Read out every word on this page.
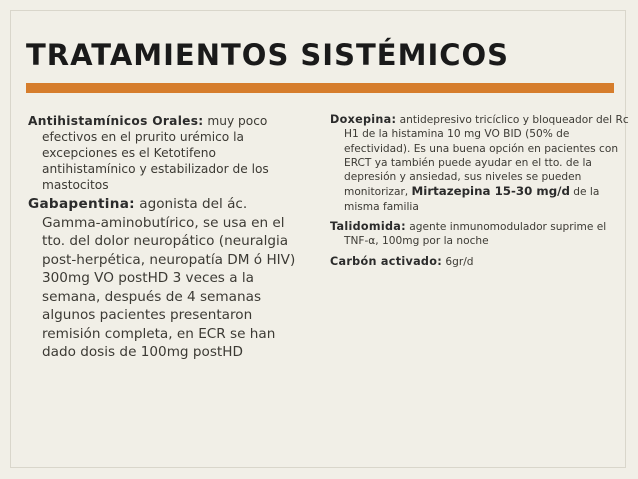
TRATAMIENTOS SISTÉMICOS

Antihistamínicos Orales: muy poco efectivos en el prurito urémico la excepciones es el Ketotifeno antihistamínico y estabilizador de los mastocitos

Gabapentina: agonista del ác. Gamma-aminobutírico, se usa en el tto. del dolor neuropático (neuralgia post-herpética, neuropatía DM ó HIV) 300mg VO postHD 3 veces a la semana, después de 4 semanas algunos pacientes presentaron remisión completa, en ECR se han dado dosis de 100mg postHD

Doxepina: antidepresivo tricíclico y bloqueador del Rc H1 de la histamina 10 mg VO BID (50% de efectividad). Es una buena opción en pacientes con ERCT ya también puede ayudar en el tto. de la depresión y ansiedad, sus niveles se pueden monitorizar, Mirtazepina 15-30 mg/d de la misma familia

Talidomida: agente inmunomodulador suprime el TNF-α, 100mg por la noche

Carbón activado: 6gr/d
